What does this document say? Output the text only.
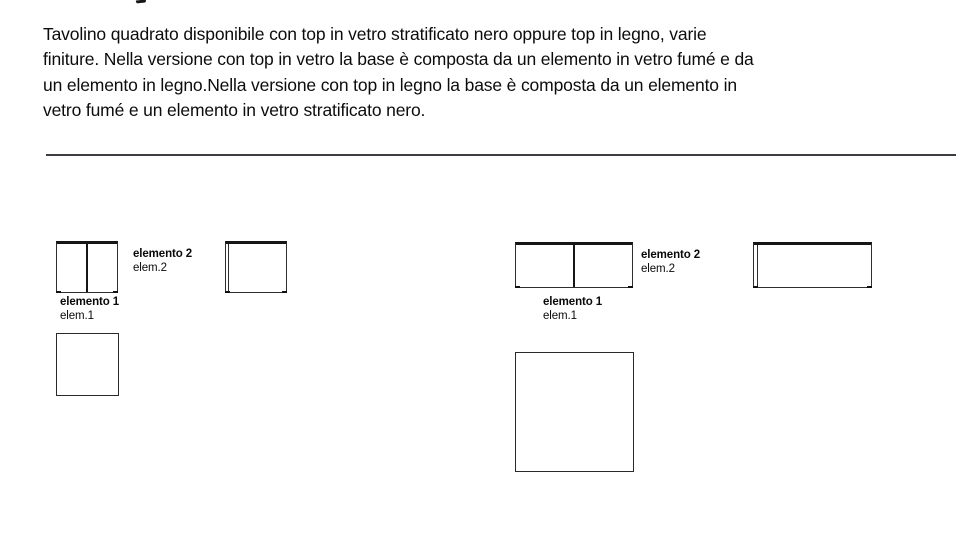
Tavolino quadrato disponibile con top in vetro stratificato nero oppure top in legno, varie
finiture. Nella versione con top in vetro la base è composta da un elemento in vetro fumé e da
un elemento in legno.Nella versione con top in legno la base è composta da un elemento in
vetro fumé e un elemento in vetro stratificato nero.
elemento 2
elem.2
elemento 1
elem.1
elemento 2
elem.2
elemento 1
elem.1
